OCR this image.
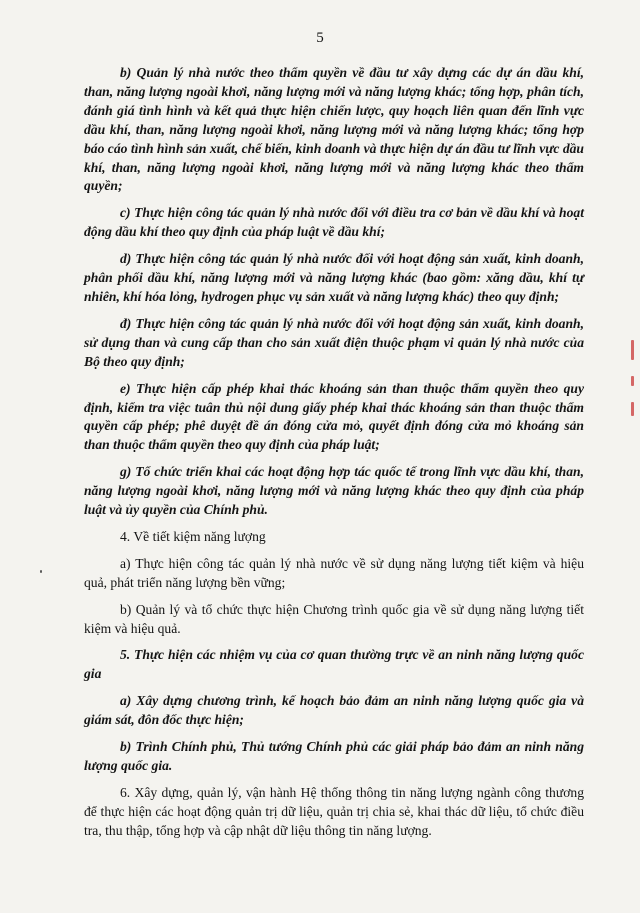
5

b) Quản lý nhà nước theo thẩm quyền về đầu tư xây dựng các dự án dầu khí, than, năng lượng ngoài khơi, năng lượng mới và năng lượng khác; tổng hợp, phân tích, đánh giá tình hình và kết quả thực hiện chiến lược, quy hoạch liên quan đến lĩnh vực dầu khí, than, năng lượng ngoài khơi, năng lượng mới và năng lượng khác; tổng hợp báo cáo tình hình sản xuất, chế biến, kinh doanh và thực hiện dự án đầu tư lĩnh vực dầu khí, than, năng lượng ngoài khơi, năng lượng mới và năng lượng khác theo thẩm quyền;

c) Thực hiện công tác quản lý nhà nước đối với điều tra cơ bản về dầu khí và hoạt động dầu khí theo quy định của pháp luật về dầu khí;

d) Thực hiện công tác quản lý nhà nước đối với hoạt động sản xuất, kinh doanh, phân phối dầu khí, năng lượng mới và năng lượng khác (bao gồm: xăng dầu, khí tự nhiên, khí hóa lỏng, hydrogen phục vụ sản xuất và năng lượng khác) theo quy định;

đ) Thực hiện công tác quản lý nhà nước đối với hoạt động sản xuất, kinh doanh, sử dụng than và cung cấp than cho sản xuất điện thuộc phạm vi quản lý nhà nước của Bộ theo quy định;

e) Thực hiện cấp phép khai thác khoáng sản than thuộc thẩm quyền theo quy định, kiểm tra việc tuân thủ nội dung giấy phép khai thác khoáng sản than thuộc thẩm quyền cấp phép; phê duyệt đề án đóng cửa mỏ, quyết định đóng cửa mỏ khoáng sản than thuộc thẩm quyền theo quy định của pháp luật;

g) Tổ chức triển khai các hoạt động hợp tác quốc tế trong lĩnh vực dầu khí, than, năng lượng ngoài khơi, năng lượng mới và năng lượng khác theo quy định của pháp luật và ủy quyền của Chính phủ.

4. Về tiết kiệm năng lượng

a) Thực hiện công tác quản lý nhà nước về sử dụng năng lượng tiết kiệm và hiệu quả, phát triển năng lượng bền vững;

b) Quản lý và tổ chức thực hiện Chương trình quốc gia về sử dụng năng lượng tiết kiệm và hiệu quả.

5. Thực hiện các nhiệm vụ của cơ quan thường trực về an ninh năng lượng quốc gia

a) Xây dựng chương trình, kế hoạch bảo đảm an ninh năng lượng quốc gia và giám sát, đôn đốc thực hiện;

b) Trình Chính phủ, Thủ tướng Chính phủ các giải pháp bảo đảm an ninh năng lượng quốc gia.

6. Xây dựng, quản lý, vận hành Hệ thống thông tin năng lượng ngành công thương để thực hiện các hoạt động quản trị dữ liệu, quản trị chia sẻ, khai thác dữ liệu, tổ chức điều tra, thu thập, tổng hợp và cập nhật dữ liệu thông tin năng lượng.
